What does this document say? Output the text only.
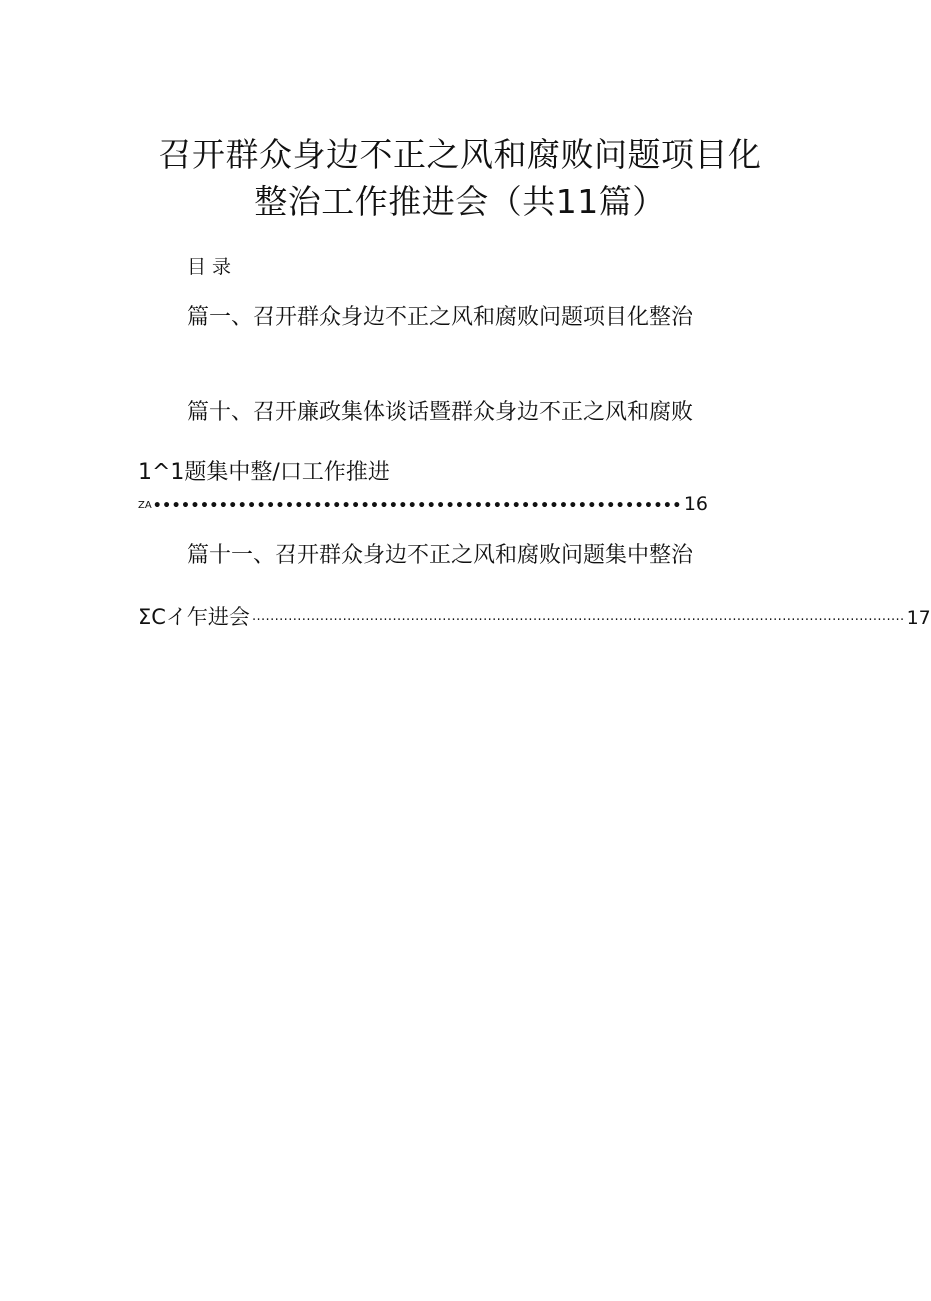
召开群众身边不正之风和腐败问题项目化
整治工作推进会（共11篇）
目录
篇一、召开群众身边不正之风和腐败问题项目化整治
篇十、召开廉政集体谈话暨群众身边不正之风和腐败
1^1题集中整/口工作推进
ZA •••••••••••••••••••••••••••••••••••••••••••••••••••••••• 16
篇十一、召开群众身边不正之风和腐败问题集中整治
ΣCイ乍进会 ................................................................................................................................................ 17
